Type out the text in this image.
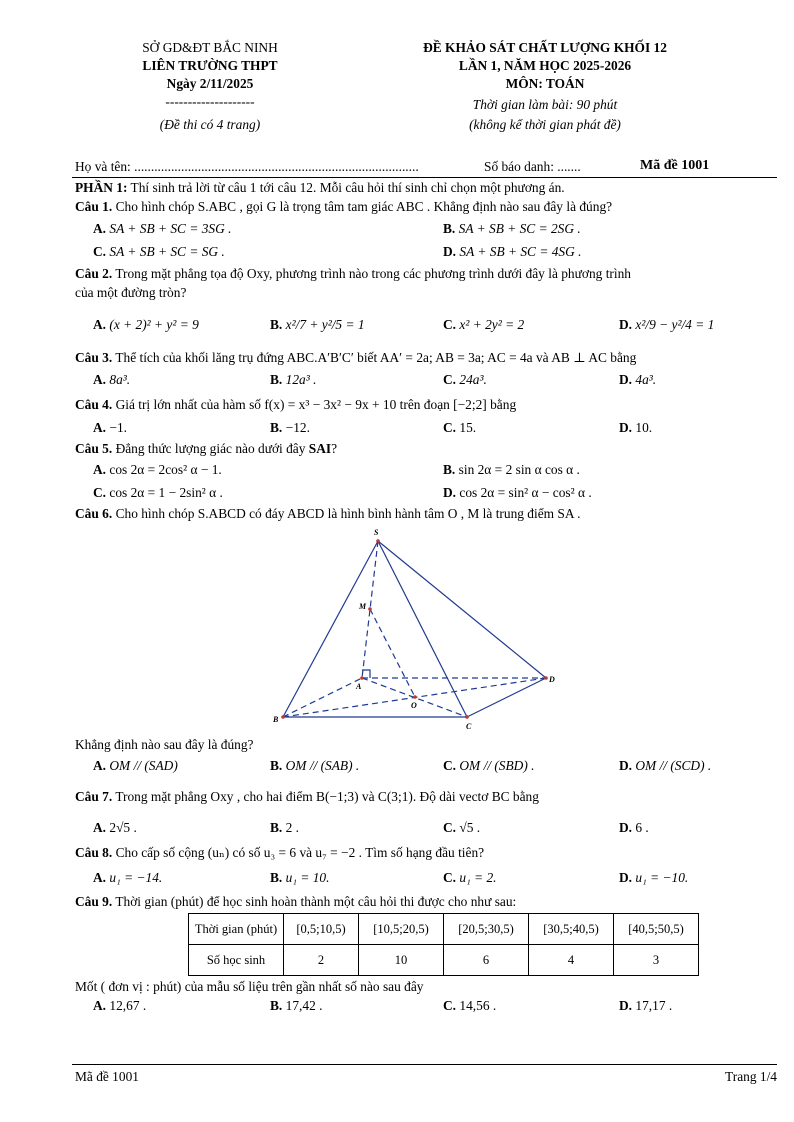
SỞ GD&ĐT BẮC NINH
LIÊN TRƯỜNG THPT
Ngày 2/11/2025
--------------------
(Đề thi có 4 trang)
ĐỀ KHẢO SÁT CHẤT LƯỢNG KHỐI 12
LẦN 1, NĂM HỌC 2025-2026
MÔN: TOÁN
Thời gian làm bài: 90 phút
(không kể thời gian phát đề)
Họ và tên: .....................................................................................	Số báo danh: .......	Mã đề 1001
PHẦN 1: Thí sinh trả lời từ câu 1 tới câu 12. Mỗi câu hỏi thí sinh chỉ chọn một phương án.
Câu 1. Cho hình chóp S.ABC , gọi G là trọng tâm tam giác ABC . Khẳng định nào sau đây là đúng?
A. SA + SB + SC = 3SG .	B. SA + SB + SC = 2SG .
C. SA + SB + SC = SG .	D. SA + SB + SC = 4SG .
Câu 2. Trong mặt phẳng tọa độ Oxy, phương trình nào trong các phương trình dưới đây là phương trình
của một đường tròn?
A. (x + 2)² + y² = 9	B. x²/7 + y²/5 = 1	C. x² + 2y² = 2	D. x²/9 − y²/4 = 1
Câu 3. Thể tích của khối lăng trụ đứng ABC.A′B′C′ biết AA′ = 2a; AB = 3a; AC = 4a và AB ⊥ AC bằng
A. 8a³.	B. 12a³ .	C. 24a³.	D. 4a³.
Câu 4. Giá trị lớn nhất của hàm số f(x) = x³ − 3x² − 9x + 10 trên đoạn [−2;2] bằng
A. −1.	B. −12.	C. 15.	D. 10.
Câu 5. Đẳng thức lượng giác nào dưới đây SAI?
A. cos 2α = 2cos² α − 1.	B. sin 2α = 2 sin α cos α .
C. cos 2α = 1 − 2sin² α .	D. cos 2α = sin² α − cos² α .
Câu 6. Cho hình chóp S.ABCD có đáy ABCD là hình bình hành tâm O , M là trung điểm SA .
S
M
A
B
C
D
O
Khẳng định nào sau đây là đúng?
A. OM // (SAD)	B. OM // (SAB) .	C. OM // (SBD) .	D. OM // (SCD) .
Câu 7. Trong mặt phẳng Oxy , cho hai điểm B(−1;3) và C(3;1). Độ dài vectơ BC bằng
A. 2√5 .	B. 2 .	C. √5 .	D. 6 .
Câu 8. Cho cấp số cộng (uₙ) có số u₃ = 6 và u₇ = −2 . Tìm số hạng đầu tiên?
A. u₁ = −14.	B. u₁ = 10.	C. u₁ = 2.	D. u₁ = −10.
Câu 9. Thời gian (phút) để học sinh hoàn thành một câu hỏi thi được cho như sau:
Thời gian (phút)	[0,5;10,5)	[10,5;20,5)	[20,5;30,5)	[30,5;40,5)	[40,5;50,5)
Số học sinh	2	10	6	4	3
Mốt ( đơn vị : phút) của mẫu số liệu trên gần nhất số nào sau đây
A. 12,67 .	B. 17,42 .	C. 14,56 .	D. 17,17 .
Mã đề 1001	Trang 1/4
